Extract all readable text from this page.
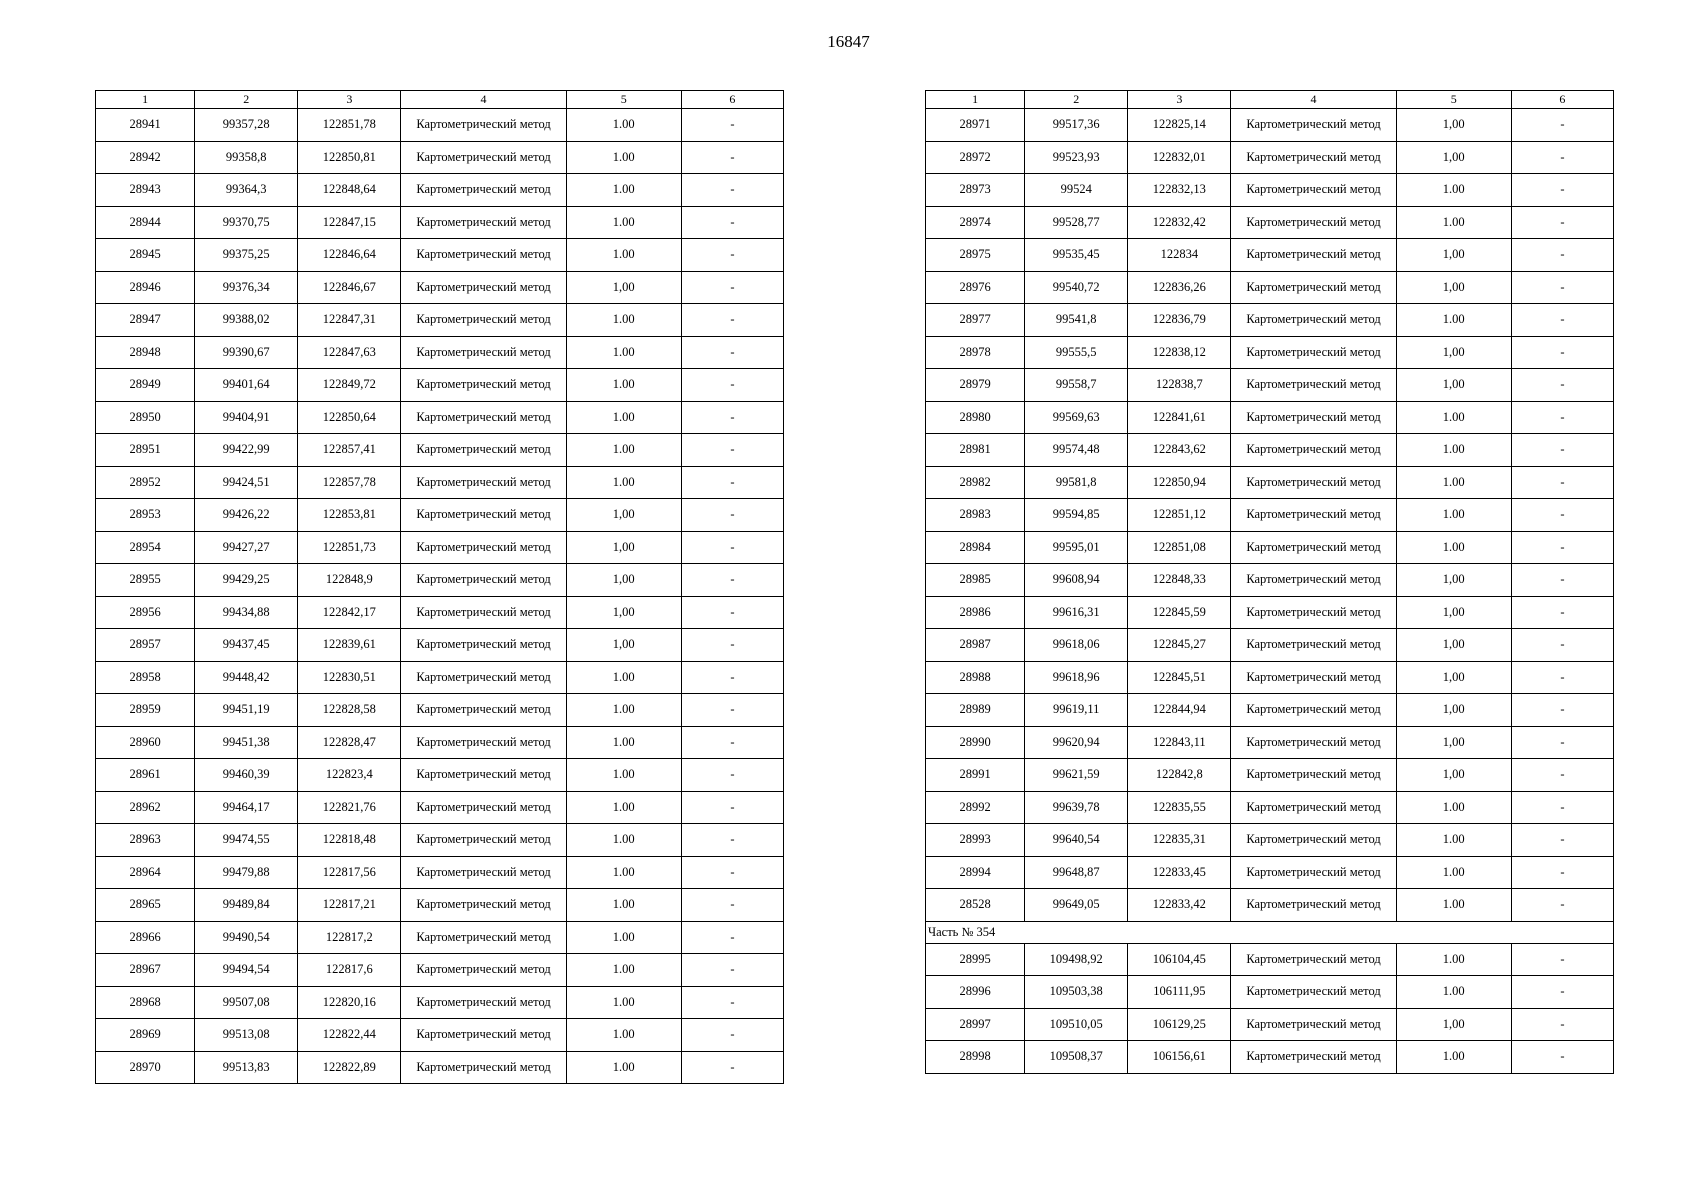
16847
1	2	3	4	5	6
28941	99357,28	122851,78	Картометрический метод	1.00	-
28942	99358,8	122850,81	Картометрический метод	1.00	-
28943	99364,3	122848,64	Картометрический метод	1.00	-
28944	99370,75	122847,15	Картометрический метод	1.00	-
28945	99375,25	122846,64	Картометрический метод	1.00	-
28946	99376,34	122846,67	Картометрический метод	1,00	-
28947	99388,02	122847,31	Картометрический метод	1.00	-
28948	99390,67	122847,63	Картометрический метод	1.00	-
28949	99401,64	122849,72	Картометрический метод	1.00	-
28950	99404,91	122850,64	Картометрический метод	1.00	-
28951	99422,99	122857,41	Картометрический метод	1.00	-
28952	99424,51	122857,78	Картометрический метод	1.00	-
28953	99426,22	122853,81	Картометрический метод	1,00	-
28954	99427,27	122851,73	Картометрический метод	1,00	-
28955	99429,25	122848,9	Картометрический метод	1,00	-
28956	99434,88	122842,17	Картометрический метод	1,00	-
28957	99437,45	122839,61	Картометрический метод	1,00	-
28958	99448,42	122830,51	Картометрический метод	1.00	-
28959	99451,19	122828,58	Картометрический метод	1.00	-
28960	99451,38	122828,47	Картометрический метод	1.00	-
28961	99460,39	122823,4	Картометрический метод	1.00	-
28962	99464,17	122821,76	Картометрический метод	1.00	-
28963	99474,55	122818,48	Картометрический метод	1.00	-
28964	99479,88	122817,56	Картометрический метод	1.00	-
28965	99489,84	122817,21	Картометрический метод	1.00	-
28966	99490,54	122817,2	Картометрический метод	1.00	-
28967	99494,54	122817,6	Картометрический метод	1.00	-
28968	99507,08	122820,16	Картометрический метод	1.00	-
28969	99513,08	122822,44	Картометрический метод	1.00	-
28970	99513,83	122822,89	Картометрический метод	1.00	-
1	2	3	4	5	6
28971	99517,36	122825,14	Картометрический метод	1,00	-
28972	99523,93	122832,01	Картометрический метод	1,00	-
28973	99524	122832,13	Картометрический метод	1.00	-
28974	99528,77	122832,42	Картометрический метод	1.00	-
28975	99535,45	122834	Картометрический метод	1,00	-
28976	99540,72	122836,26	Картометрический метод	1,00	-
28977	99541,8	122836,79	Картометрический метод	1.00	-
28978	99555,5	122838,12	Картометрический метод	1,00	-
28979	99558,7	122838,7	Картометрический метод	1,00	-
28980	99569,63	122841,61	Картометрический метод	1.00	-
28981	99574,48	122843,62	Картометрический метод	1.00	-
28982	99581,8	122850,94	Картометрический метод	1.00	-
28983	99594,85	122851,12	Картометрический метод	1.00	-
28984	99595,01	122851,08	Картометрический метод	1.00	-
28985	99608,94	122848,33	Картометрический метод	1,00	-
28986	99616,31	122845,59	Картометрический метод	1,00	-
28987	99618,06	122845,27	Картометрический метод	1,00	-
28988	99618,96	122845,51	Картометрический метод	1,00	-
28989	99619,11	122844,94	Картометрический метод	1,00	-
28990	99620,94	122843,11	Картометрический метод	1,00	-
28991	99621,59	122842,8	Картометрический метод	1,00	-
28992	99639,78	122835,55	Картометрический метод	1.00	-
28993	99640,54	122835,31	Картометрический метод	1.00	-
28994	99648,87	122833,45	Картометрический метод	1.00	-
28528	99649,05	122833,42	Картометрический метод	1.00	-
Часть № 354					
28995	109498,92	106104,45	Картометрический метод	1.00	-
28996	109503,38	106111,95	Картометрический метод	1.00	-
28997	109510,05	106129,25	Картометрический метод	1,00	-
28998	109508,37	106156,61	Картометрический метод	1.00	-
